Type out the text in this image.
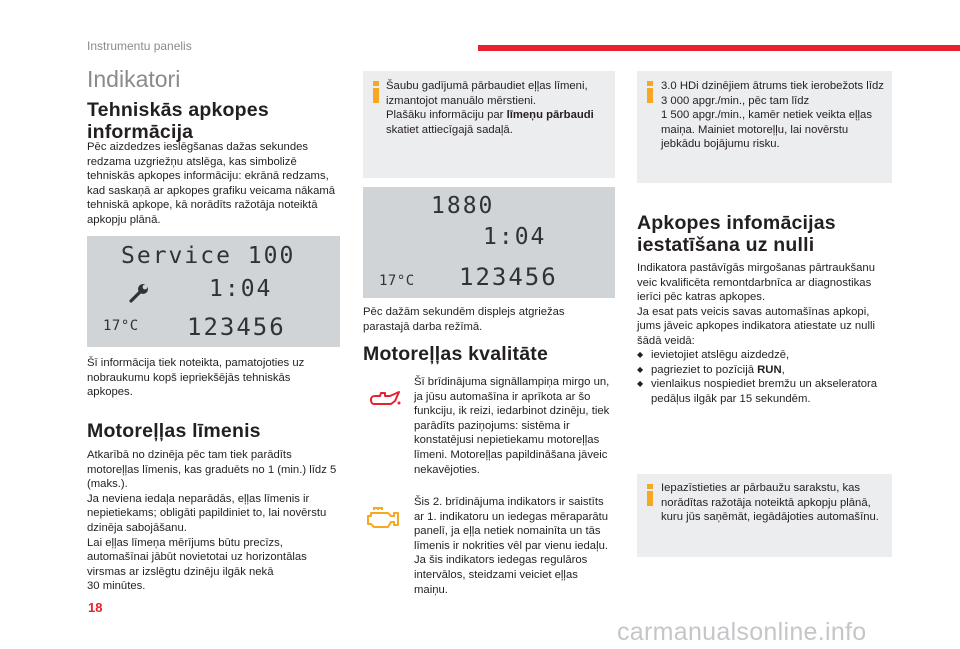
Instrumentu panelis
Indikatori
Tehniskās apkopes informācija
Pēc aizdedzes ieslēgšanas dažas sekundes redzama uzgriežņu atslēga, kas simbolizē tehniskās apkopes informāciju: ekrānā redzams, kad saskaņā ar apkopes grafiku veicama nākamā tehniskā apkope, kā norādīts ražotāja noteiktā apkopju plānā.
Service 100
1:04
17°C 123456
Šī informācija tiek noteikta, pamatojoties uz nobraukumu kopš iepriekšējās tehniskās apkopes.
Motoreļļas līmenis
Atkarībā no dzinēja pēc tam tiek parādīts motoreļļas līmenis, kas graduēts no 1 (min.) līdz 5 (maks.).
Ja neviena iedaļa neparādās, eļļas līmenis ir nepietiekams; obligāti papildiniet to, lai novērstu dzinēja sabojāšanu.
Lai eļļas līmeņa mērījums būtu precīzs, automašīnai jābūt novietotai uz horizontālas virsmas ar izslēgtu dzinēju ilgāk nekā
30 minūtes.
Šaubu gadījumā pārbaudiet eļļas līmeni, izmantojot manuālo mērstieni.
Plašāku informāciju par līmeņu pārbaudi skatiet attiecīgajā sadaļā.
1880
1:04
17°C 123456
Pēc dažām sekundēm displejs atgriežas parastajā darba režīmā.
Motoreļļas kvalitāte
Šī brīdinājuma signāllampiņa mirgo un, ja jūsu automašīna ir aprīkota ar šo funkciju, ik reizi, iedarbinot dzinēju, tiek parādīts paziņojums: sistēma ir konstatējusi nepietiekamu motoreļļas līmeni. Motoreļļas papildināšana jāveic nekavējoties.
Šis 2. brīdinājuma indikators ir saistīts ar 1. indikatoru un iedegas mēraparātu panelī, ja eļļa netiek nomainīta un tās līmenis ir nokrities vēl par vienu iedaļu. Ja šis indikators iedegas regulāros intervālos, steidzami veiciet eļļas maiņu.
3.0 HDi dzinējiem ātrums tiek ierobežots līdz 3 000 apgr./min., pēc tam līdz
1 500 apgr./min., kamēr netiek veikta eļļas maiņa. Mainiet motoreļļu, lai novērstu jebkādu bojājumu risku.
Apkopes infomācijas iestatīšana uz nulli
Indikatora pastāvīgās mirgošanas pārtraukšanu veic kvalificēta remontdarbnīca ar diagnostikas ierīci pēc katras apkopes.
Ja esat pats veicis savas automašīnas apkopi, jums jāveic apkopes indikatora atiestate uz nulli šādā veidā:
◆ ievietojiet atslēgu aizdedzē,
◆ pagrieziet to pozīcijā RUN,
◆ vienlaikus nospiediet bremžu un akseleratora pedāļus ilgāk par 15 sekundēm.
Iepazīstieties ar pārbaužu sarakstu, kas norādītas ražotāja noteiktā apkopju plānā, kuru jūs saņēmāt, iegādājoties automašīnu.
18
carmanualsonline.info
